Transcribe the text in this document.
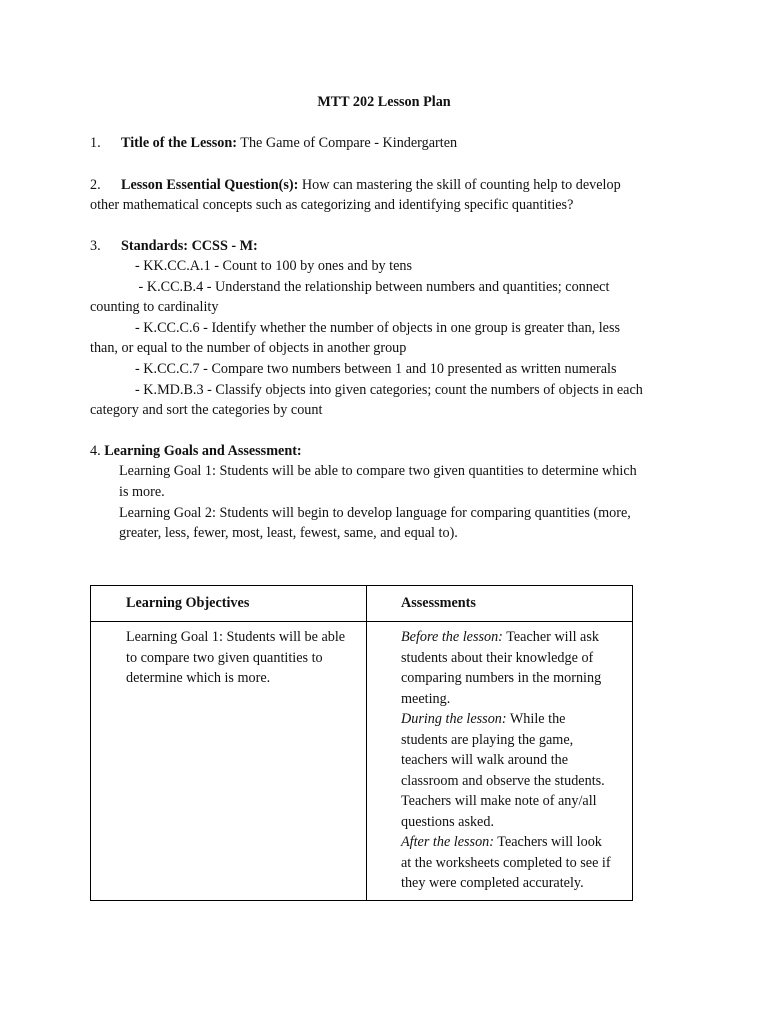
MTT 202 Lesson Plan
1. Title of the Lesson: The Game of Compare - Kindergarten
2. Lesson Essential Question(s): How can mastering the skill of counting help to develop
other mathematical concepts such as categorizing and identifying specific quantities?
3. Standards: CCSS - M:
- KK.CC.A.1 - Count to 100 by ones and by tens
- K.CC.B.4 - Understand the relationship between numbers and quantities; connect
counting to cardinality
- K.CC.C.6 - Identify whether the number of objects in one group is greater than, less
than, or equal to the number of objects in another group
- K.CC.C.7 - Compare two numbers between 1 and 10 presented as written numerals
- K.MD.B.3 - Classify objects into given categories; count the numbers of objects in each
category and sort the categories by count
4. Learning Goals and Assessment:
Learning Goal 1: Students will be able to compare two given quantities to determine which
is more.
Learning Goal 2: Students will begin to develop language for comparing quantities (more,
greater, less, fewer, most, least, fewest, same, and equal to).
Learning Objectives	Assessments
Learning Goal 1: Students will be able
to compare two given quantities to
determine which is more.
Before the lesson: Teacher will ask
students about their knowledge of
comparing numbers in the morning
meeting.
During the lesson: While the
students are playing the game,
teachers will walk around the
classroom and observe the students.
Teachers will make note of any/all
questions asked.
After the lesson: Teachers will look
at the worksheets completed to see if
they were completed accurately.
